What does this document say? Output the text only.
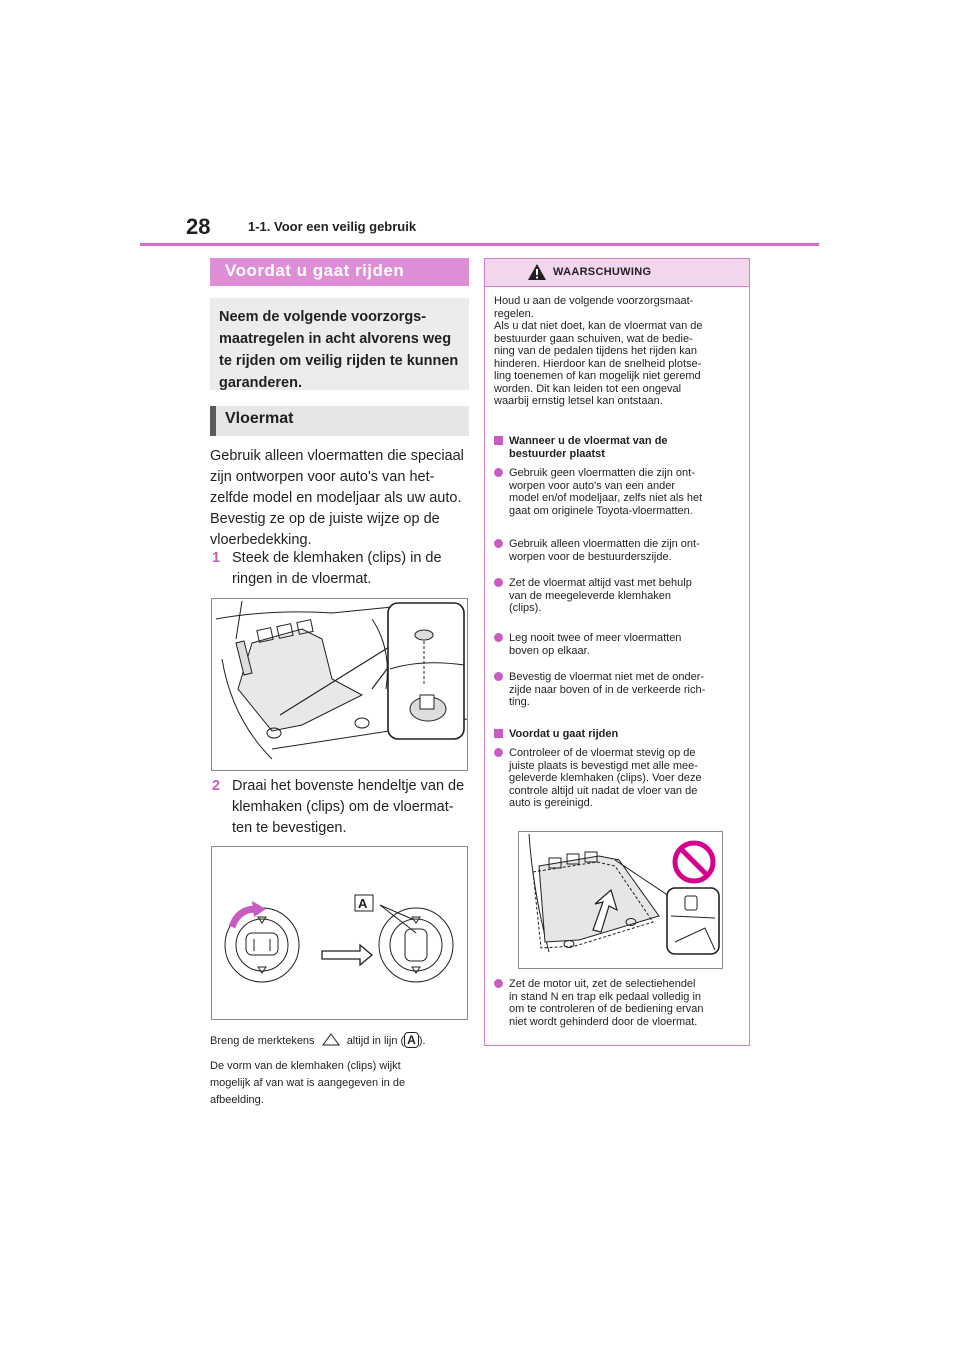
28	1-1. Voor een veilig gebruik
Voordat u gaat rijden
Neem de volgende voorzorgs-
maatregelen in acht alvorens weg
te rijden om veilig rijden te kunnen
garanderen.
Vloermat
Gebruik alleen vloermatten die speciaal
zijn ontworpen voor auto's van het-
zelfde model en modeljaar als uw auto.
Bevestig ze op de juiste wijze op de
vloerbedekking.
1 Steek de klemhaken (clips) in de
ringen in de vloermat.
2 Draai het bovenste hendeltje van de
klemhaken (clips) om de vloermat-
ten te bevestigen.
A
Breng de merktekens	altijd in lijn ( A ).
De vorm van de klemhaken (clips) wijkt
mogelijk af van wat is aangegeven in de
afbeelding.
WAARSCHUWING
Houd u aan de volgende voorzorgsmaat-
regelen.
Als u dat niet doet, kan de vloermat van de
bestuurder gaan schuiven, wat de bedie-
ning van de pedalen tijdens het rijden kan
hinderen. Hierdoor kan de snelheid plotse-
ling toenemen of kan mogelijk niet geremd
worden. Dit kan leiden tot een ongeval
waarbij ernstig letsel kan ontstaan.
Wanneer u de vloermat van de
bestuurder plaatst
Gebruik geen vloermatten die zijn ont-
worpen voor auto's van een ander
model en/of modeljaar, zelfs niet als het
gaat om originele Toyota-vloermatten.
Gebruik alleen vloermatten die zijn ont-
worpen voor de bestuurderszijde.
Zet de vloermat altijd vast met behulp
van de meegeleverde klemhaken
(clips).
Leg nooit twee of meer vloermatten
boven op elkaar.
Bevestig de vloermat niet met de onder-
zijde naar boven of in de verkeerde rich-
ting.
Voordat u gaat rijden
Controleer of de vloermat stevig op de
juiste plaats is bevestigd met alle mee-
geleverde klemhaken (clips). Voer deze
controle altijd uit nadat de vloer van de
auto is gereinigd.
Zet de motor uit, zet de selectiehendel
in stand N en trap elk pedaal volledig in
om te controleren of de bediening ervan
niet wordt gehinderd door de vloermat.
